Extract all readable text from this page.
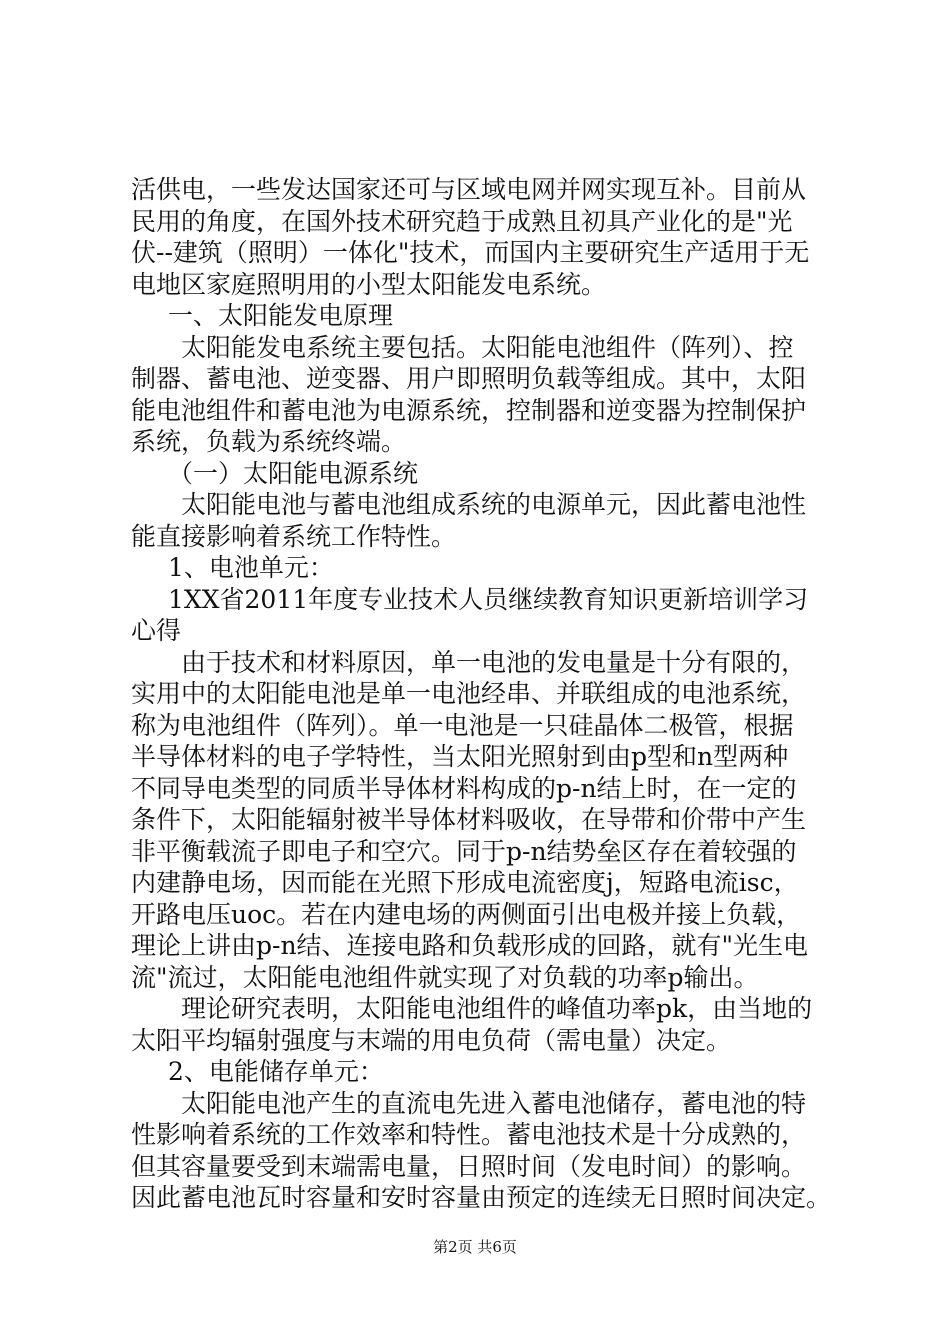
活供电，一些发达国家还可与区域电网并网实现互补。目前从

民用的角度，在国外技术研究趋于成熟且初具产业化的是"光

伏--建筑（照明）一体化"技术，而国内主要研究生产适用于无

电地区家庭照明用的小型太阳能发电系统。

一、太阳能发电原理

太阳能发电系统主要包括。太阳能电池组件（阵列）、控

制器、蓄电池、逆变器、用户即照明负载等组成。其中，太阳

能电池组件和蓄电池为电源系统，控制器和逆变器为控制保护

系统，负载为系统终端。

（一）太阳能电源系统

太阳能电池与蓄电池组成系统的电源单元，因此蓄电池性

能直接影响着系统工作特性。

1、电池单元：

1XX省2011年度专业技术人员继续教育知识更新培训学习

心得

由于技术和材料原因，单一电池的发电量是十分有限的，

实用中的太阳能电池是单一电池经串、并联组成的电池系统，

称为电池组件（阵列）。单一电池是一只硅晶体二极管，根据

半导体材料的电子学特性，当太阳光照射到由p型和n型两种

不同导电类型的同质半导体材料构成的p-n结上时，在一定的

条件下，太阳能辐射被半导体材料吸收，在导带和价带中产生

非平衡载流子即电子和空穴。同于p-n结势垒区存在着较强的

内建静电场，因而能在光照下形成电流密度j，短路电流isc，

开路电压uoc。若在内建电场的两侧面引出电极并接上负载，

理论上讲由p-n结、连接电路和负载形成的回路，就有"光生电

流"流过，太阳能电池组件就实现了对负载的功率p输出。

理论研究表明，太阳能电池组件的峰值功率pk，由当地的

太阳平均辐射强度与末端的用电负荷（需电量）决定。

2、电能储存单元：

太阳能电池产生的直流电先进入蓄电池储存，蓄电池的特

性影响着系统的工作效率和特性。蓄电池技术是十分成熟的，

但其容量要受到末端需电量，日照时间（发电时间）的影响。

因此蓄电池瓦时容量和安时容量由预定的连续无日照时间决定。

第2页 共6页
